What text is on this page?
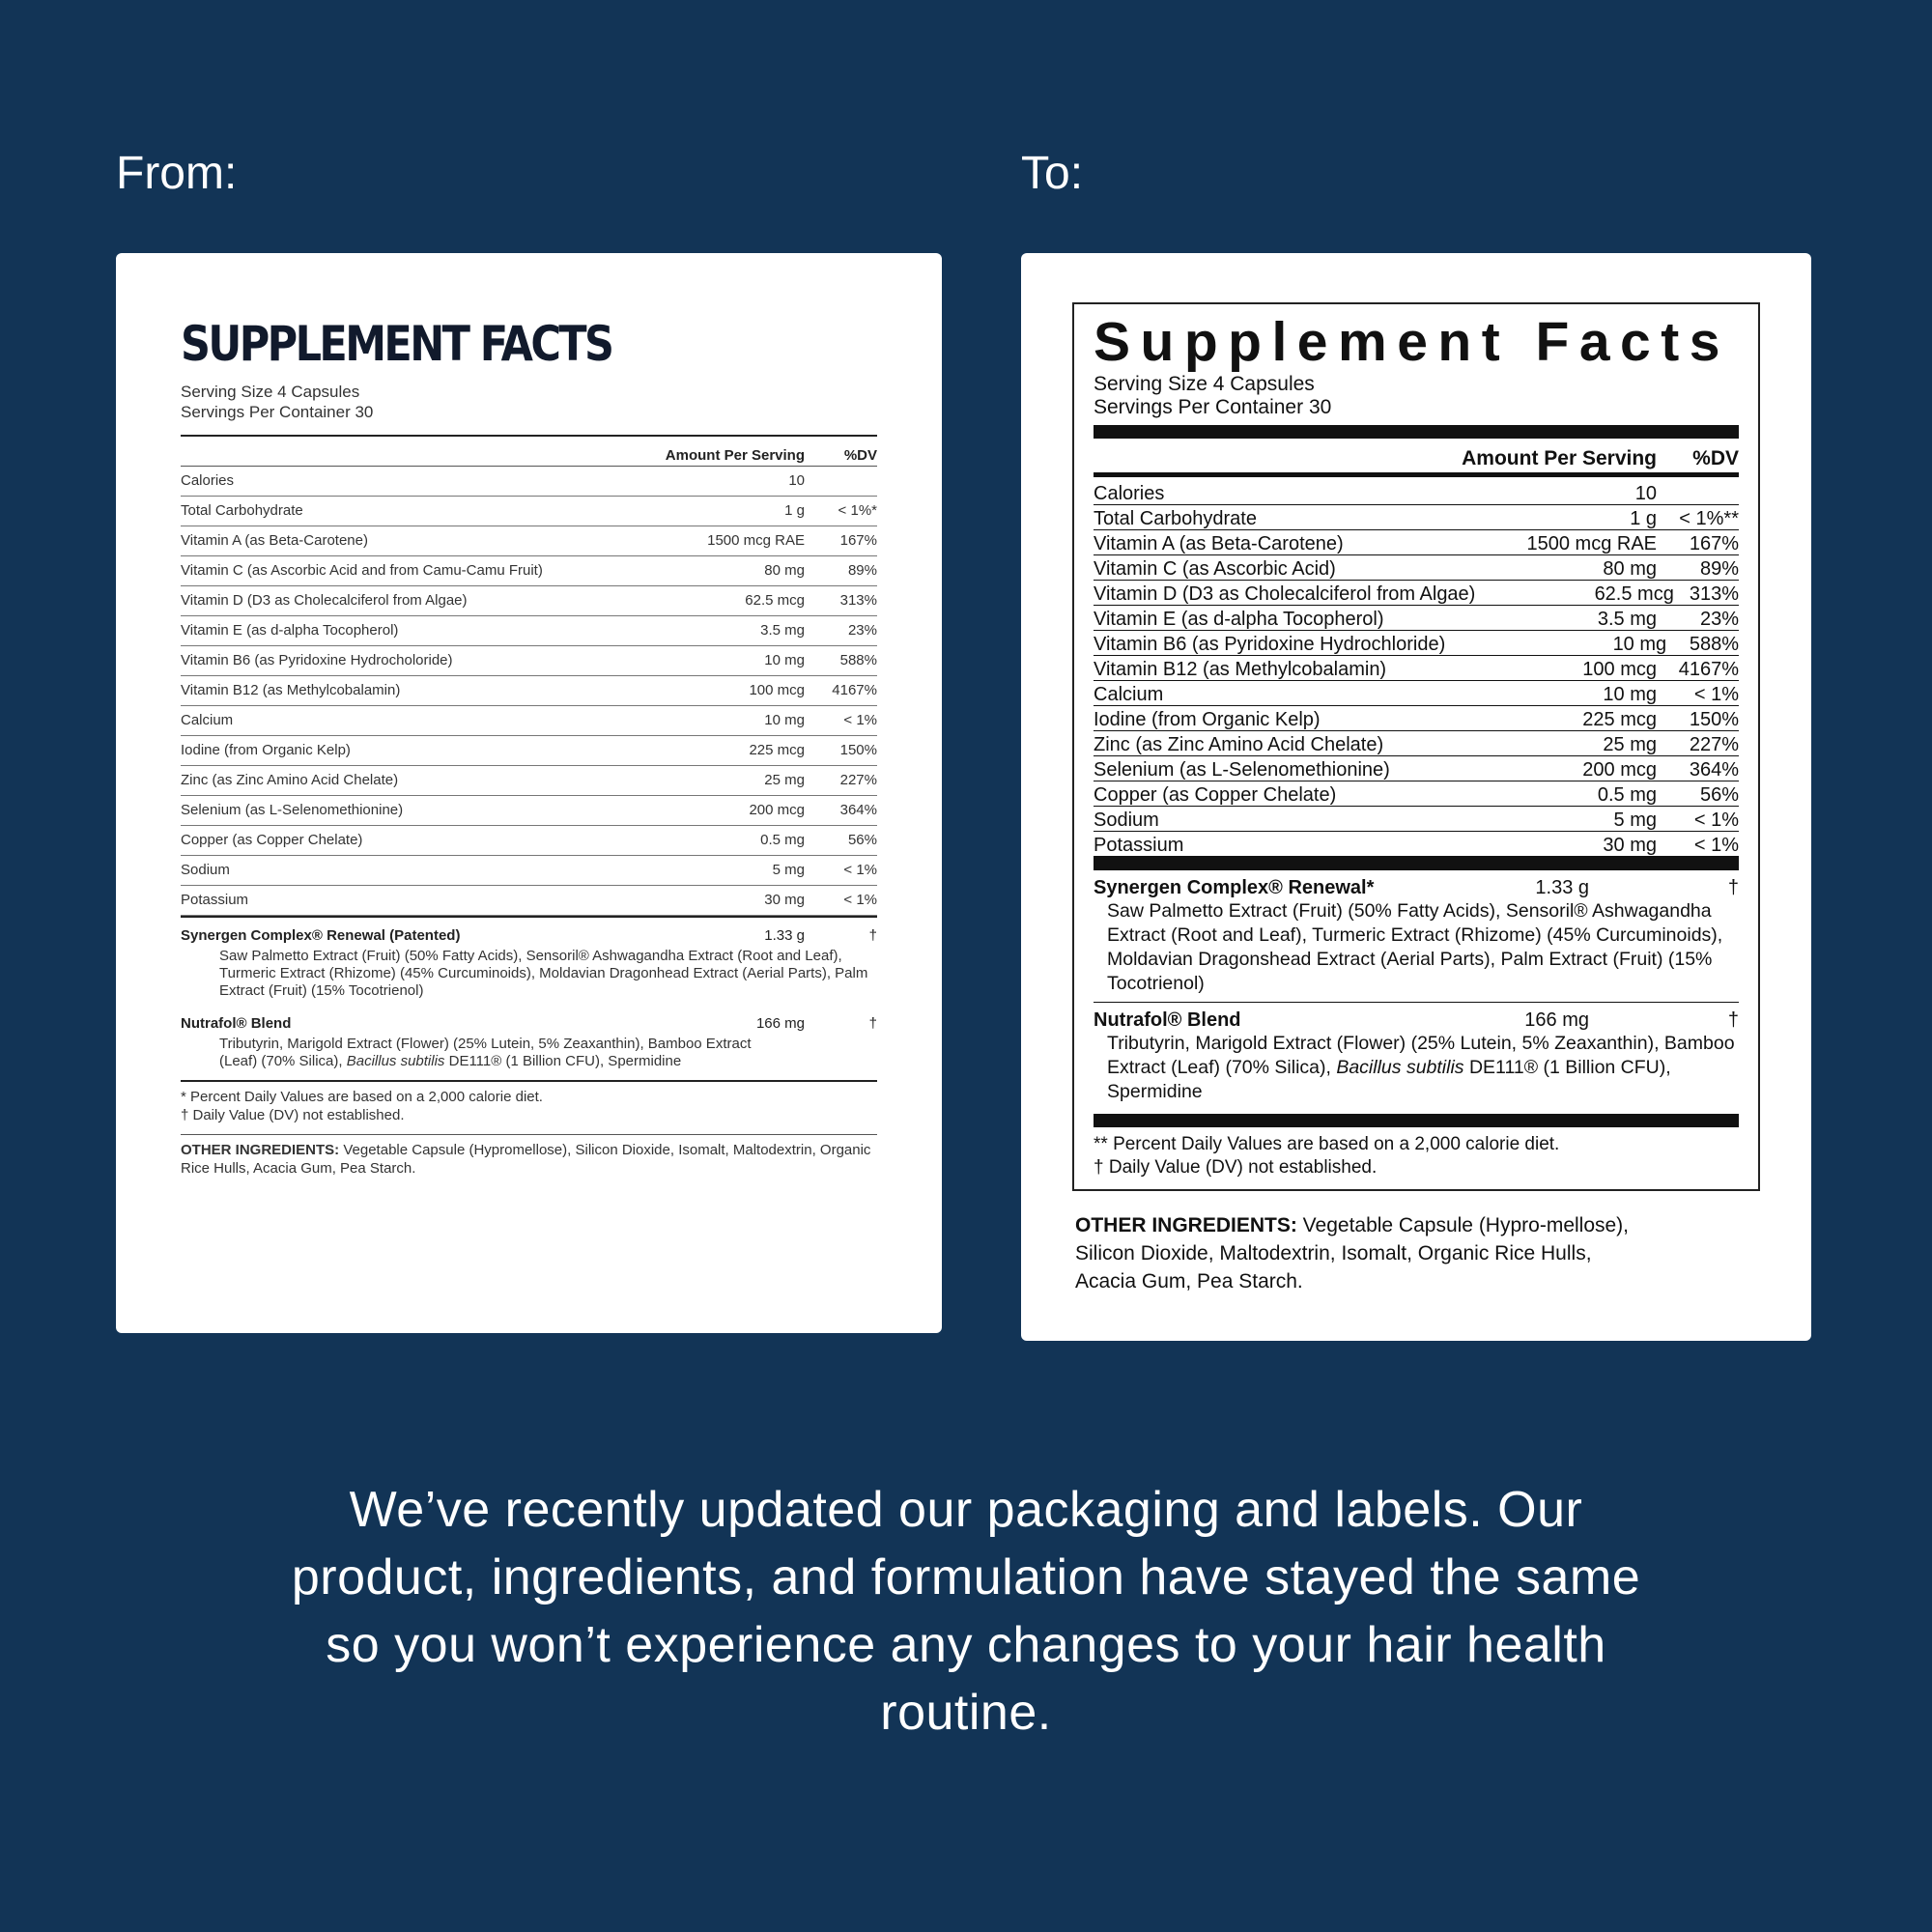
From:	To:
SUPPLEMENT FACTS
Serving Size 4 Capsules
Servings Per Container 30
Amount Per Serving	%DV
Calories	10
Total Carbohydrate	1 g	< 1%*
Vitamin A (as Beta-Carotene)	1500 mcg RAE	167%
Vitamin C (as Ascorbic Acid and from Camu-Camu Fruit)	80 mg	89%
Vitamin D (D3 as Cholecalciferol from Algae)	62.5 mcg	313%
Vitamin E (as d-alpha Tocopherol)	3.5 mg	23%
Vitamin B6 (as Pyridoxine Hydrocholoride)	10 mg	588%
Vitamin B12 (as Methylcobalamin)	100 mcg	4167%
Calcium	10 mg	< 1%
Iodine (from Organic Kelp)	225 mcg	150%
Zinc (as Zinc Amino Acid Chelate)	25 mg	227%
Selenium (as L-Selenomethionine)	200 mcg	364%
Copper (as Copper Chelate)	0.5 mg	56%
Sodium	5 mg	< 1%
Potassium	30 mg	< 1%
Synergen Complex® Renewal (Patented)	1.33 g	†
Saw Palmetto Extract (Fruit) (50% Fatty Acids), Sensoril® Ashwagandha Extract (Root and Leaf), Turmeric Extract (Rhizome) (45% Curcuminoids), Moldavian Dragonhead Extract (Aerial Parts), Palm Extract (Fruit) (15% Tocotrienol)
Nutrafol® Blend	166 mg	†
Tributyrin, Marigold Extract (Flower) (25% Lutein, 5% Zeaxanthin), Bamboo Extract (Leaf) (70% Silica), Bacillus subtilis DE111® (1 Billion CFU), Spermidine
* Percent Daily Values are based on a 2,000 calorie diet.
† Daily Value (DV) not established.
OTHER INGREDIENTS: Vegetable Capsule (Hypromellose), Silicon Dioxide, Isomalt, Maltodextrin, Organic Rice Hulls, Acacia Gum, Pea Starch.
Supplement Facts
Serving Size 4 Capsules
Servings Per Container 30
Amount Per Serving	%DV
Calories	10
Total Carbohydrate	1 g	< 1%**
Vitamin A (as Beta-Carotene)	1500 mcg RAE	167%
Vitamin C (as Ascorbic Acid)	80 mg	89%
Vitamin D (D3 as Cholecalciferol from Algae)	62.5 mcg 313%
Vitamin E (as d-alpha Tocopherol)	3.5 mg	23%
Vitamin B6 (as Pyridoxine Hydrochloride)	10 mg	588%
Vitamin B12 (as Methylcobalamin)	100 mcg	4167%
Calcium	10 mg	< 1%
Iodine (from Organic Kelp)	225 mcg	150%
Zinc (as Zinc Amino Acid Chelate)	25 mg	227%
Selenium (as L-Selenomethionine)	200 mcg	364%
Copper (as Copper Chelate)	0.5 mg	56%
Sodium	5 mg	< 1%
Potassium	30 mg	< 1%
Synergen Complex® Renewal*	1.33 g	†
Saw Palmetto Extract (Fruit) (50% Fatty Acids), Sensoril® Ashwagandha Extract (Root and Leaf), Turmeric Extract (Rhizome) (45% Curcuminoids), Moldavian Dragonshead Extract (Aerial Parts), Palm Extract (Fruit) (15% Tocotrienol)
Nutrafol® Blend	166 mg	†
Tributyrin, Marigold Extract (Flower) (25% Lutein, 5% Zeaxanthin), Bamboo Extract (Leaf) (70% Silica), Bacillus subtilis DE111® (1 Billion CFU), Spermidine
** Percent Daily Values are based on a 2,000 calorie diet.
† Daily Value (DV) not established.
OTHER INGREDIENTS: Vegetable Capsule (Hypro-mellose), Silicon Dioxide, Maltodextrin, Isomalt, Organic Rice Hulls, Acacia Gum, Pea Starch.
We’ve recently updated our packaging and labels. Our product, ingredients, and formulation have stayed the same so you won’t experience any changes to your hair health routine.
